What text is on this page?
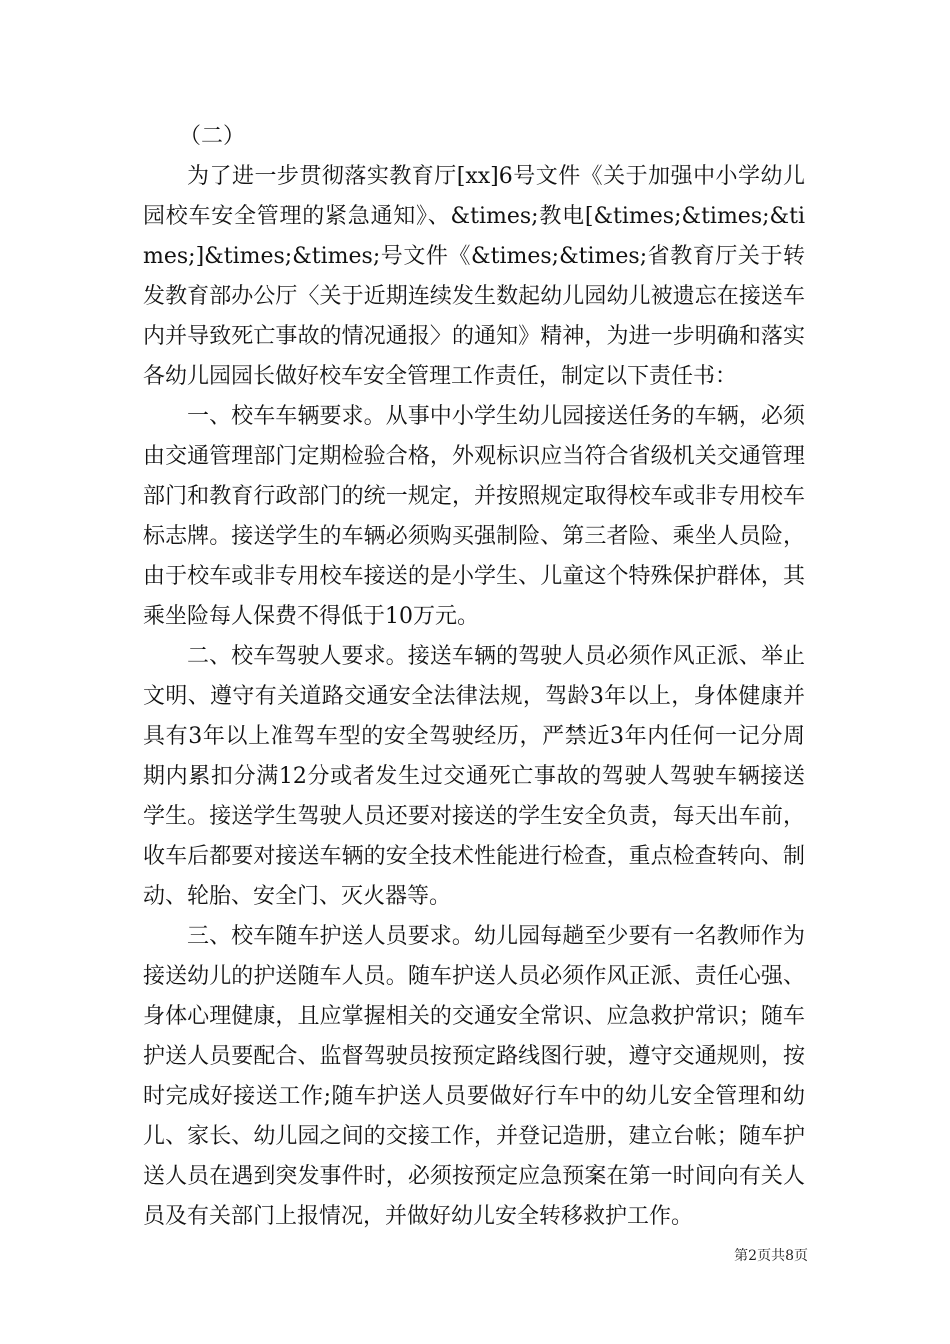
（二）

为了进一步贯彻落实教育厅[xx]6号文件《关于加强中小学幼儿园校车安全管理的紧急通知》、&times;教电[&times;&times;&times;]&times;&times;号文件《&times;&times;省教育厅关于转发教育部办公厅〈关于近期连续发生数起幼儿园幼儿被遗忘在接送车内并导致死亡事故的情况通报〉的通知》精神，为进一步明确和落实各幼儿园园长做好校车安全管理工作责任，制定以下责任书：

一、校车车辆要求。从事中小学生幼儿园接送任务的车辆，必须由交通管理部门定期检验合格，外观标识应当符合省级机关交通管理部门和教育行政部门的统一规定，并按照规定取得校车或非专用校车标志牌。接送学生的车辆必须购买强制险、第三者险、乘坐人员险，由于校车或非专用校车接送的是小学生、儿童这个特殊保护群体，其乘坐险每人保费不得低于10万元。

二、校车驾驶人要求。接送车辆的驾驶人员必须作风正派、举止文明、遵守有关道路交通安全法律法规，驾龄3年以上，身体健康并具有3年以上准驾车型的安全驾驶经历，严禁近3年内任何一记分周期内累扣分满12分或者发生过交通死亡事故的驾驶人驾驶车辆接送学生。接送学生驾驶人员还要对接送的学生安全负责，每天出车前，收车后都要对接送车辆的安全技术性能进行检查，重点检查转向、制动、轮胎、安全门、灭火器等。

三、校车随车护送人员要求。幼儿园每趟至少要有一名教师作为接送幼儿的护送随车人员。随车护送人员必须作风正派、责任心强、身体心理健康，且应掌握相关的交通安全常识、应急救护常识；随车护送人员要配合、监督驾驶员按预定路线图行驶，遵守交通规则，按时完成好接送工作;随车护送人员要做好行车中的幼儿安全管理和幼儿、家长、幼儿园之间的交接工作，并登记造册，建立台帐；随车护送人员在遇到突发事件时，必须按预定应急预案在第一时间向有关人员及有关部门上报情况，并做好幼儿安全转移救护工作。

第2页共8页
